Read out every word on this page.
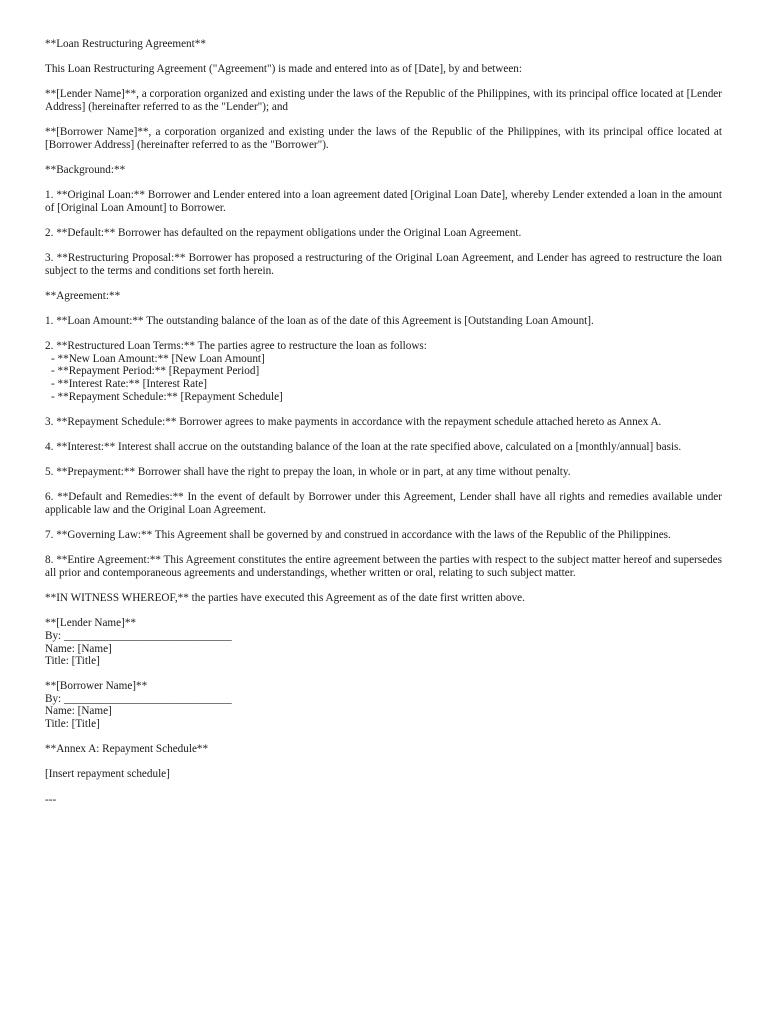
**Loan Restructuring Agreement**

This Loan Restructuring Agreement ("Agreement") is made and entered into as of [Date], by and between:

**[Lender Name]**, a corporation organized and existing under the laws of the Republic of the Philippines, with its principal office located at [Lender Address] (hereinafter referred to as the "Lender"); and

**[Borrower Name]**, a corporation organized and existing under the laws of the Republic of the Philippines, with its principal office located at [Borrower Address] (hereinafter referred to as the "Borrower").

**Background:**

1. **Original Loan:** Borrower and Lender entered into a loan agreement dated [Original Loan Date], whereby Lender extended a loan in the amount of [Original Loan Amount] to Borrower.

2. **Default:** Borrower has defaulted on the repayment obligations under the Original Loan Agreement.

3. **Restructuring Proposal:** Borrower has proposed a restructuring of the Original Loan Agreement, and Lender has agreed to restructure the loan subject to the terms and conditions set forth herein.

**Agreement:**

1. **Loan Amount:** The outstanding balance of the loan as of the date of this Agreement is [Outstanding Loan Amount].

2. **Restructured Loan Terms:** The parties agree to restructure the loan as follows:
- **New Loan Amount:** [New Loan Amount]
- **Repayment Period:** [Repayment Period]
- **Interest Rate:** [Interest Rate]
- **Repayment Schedule:** [Repayment Schedule]

3. **Repayment Schedule:** Borrower agrees to make payments in accordance with the repayment schedule attached hereto as Annex A.

4. **Interest:** Interest shall accrue on the outstanding balance of the loan at the rate specified above, calculated on a [monthly/annual] basis.

5. **Prepayment:** Borrower shall have the right to prepay the loan, in whole or in part, at any time without penalty.

6. **Default and Remedies:** In the event of default by Borrower under this Agreement, Lender shall have all rights and remedies available under applicable law and the Original Loan Agreement.

7. **Governing Law:** This Agreement shall be governed by and construed in accordance with the laws of the Republic of the Philippines.

8. **Entire Agreement:** This Agreement constitutes the entire agreement between the parties with respect to the subject matter hereof and supersedes all prior and contemporaneous agreements and understandings, whether written or oral, relating to such subject matter.

**IN WITNESS WHEREOF,** the parties have executed this Agreement as of the date first written above.

**[Lender Name]**
By: ______________________________
Name: [Name]
Title: [Title]
**[Borrower Name]**
By: ______________________________
Name: [Name]
Title: [Title]

**Annex A: Repayment Schedule**

[Insert repayment schedule]

---
